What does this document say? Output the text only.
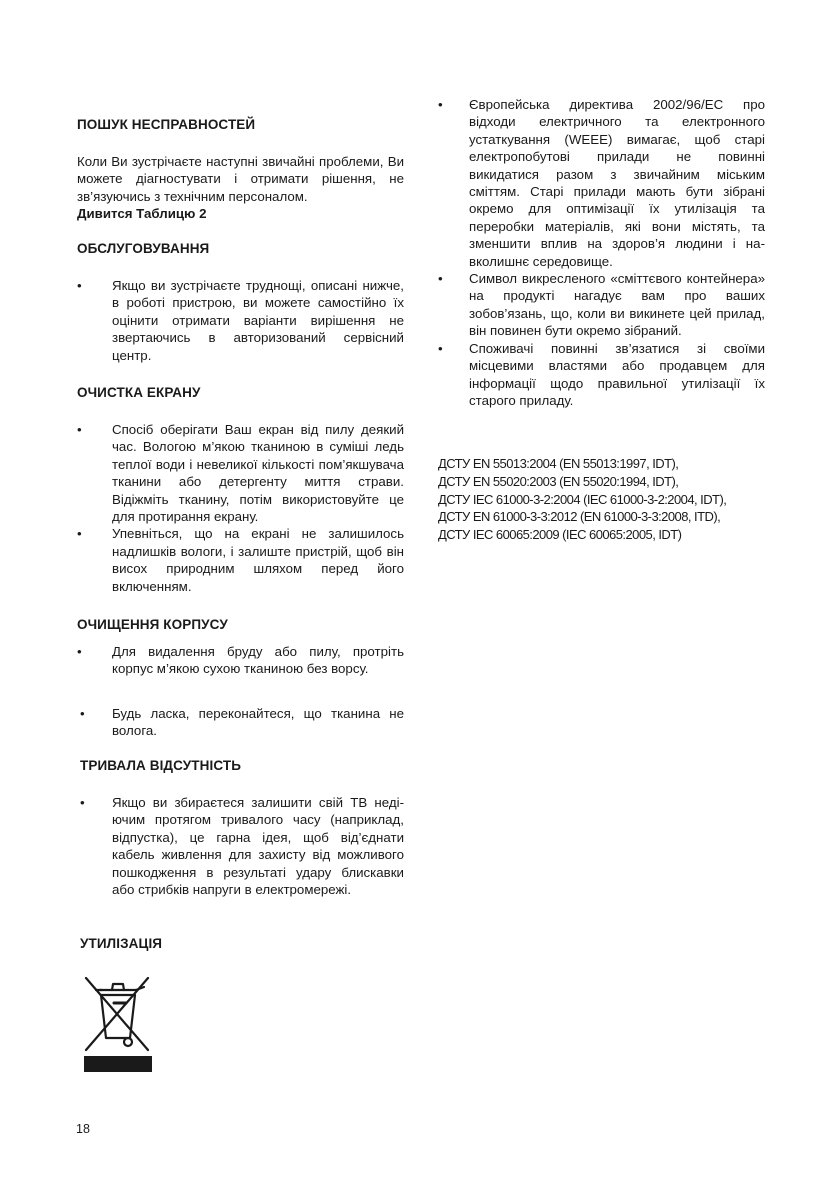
ПОШУК НЕСПРАВНОСТЕЙ

Коли Ви зустрічаєте наступні звичайні проблеми, Ви можете діагностувати і отримати рішення, не зв’язуючись з технічним персоналом.
Дивится Таблицю 2

ОБСЛУГОВУВАННЯ
• Якщо ви зустрічаєте труднощі, описані нижче, в роботі пристрою, ви можете самостійно їх оцінити отримати варіанти вирішення не звертаючись в авторизований сервісний центр.
ОЧИСТКА ЕКРАНУ
• Спосіб оберігати Ваш екран від пилу деякий час. Вологою м’якою тканиною в суміші ледь теплої води і невеликої кількості пом’якшувача тканини або детергенту миття страви. Відіжміть тканину, потім використовуйте це для протирання екрану.
• Упевніться, що на екрані не залишилось надлишків вологи, і залиште пристрій, щоб він висох природним шляхом перед його включенням.
ОЧИЩЕННЯ КОРПУСУ
• Для видалення бруду або пилу, протріть корпус м’якою сухою тканиною без ворсу.
• Будь ласка, переконайтеся, що тканина не волога.
ТРИВАЛА ВІДСУТНІСТЬ
• Якщо ви збираєтеся залишити свій ТВ недіючим протягом тривалого часу (наприклад, відпустка), це гарна ідея, щоб від’єднати кабель живлення для захисту від можливого пошкодження в результаті удару блискавки або стрибків напруги в електромережі.
УТИЛІЗАЦІЯ
• Європейська директива 2002/96/ЕС про відходи електричного та електронного устаткування (WEEE) вимагає, щоб старі електропобутові прилади не повинні викидатися разом з звичайним міським сміттям. Старі прилади мають бути зібрані окремо для оптимізації їх утилізація та переробки матеріалів, які вони містять, та зменшити вплив на здоров’я людини і навколишнє середовище.
• Символ викресленого «сміттєвого контейнера» на продукті нагадує вам про ваших зобов’язань, що, коли ви викинете цей прилад, він повинен бути окремо зібраний.
• Споживачі повинні зв’язатися зі своїми місцевими властями або продавцем для інформації щодо правильної утилізації їх старого приладу.
ДСТУ EN 55013:2004 (EN 55013:1997, IDT),
ДСТУ EN 55020:2003 (EN 55020:1994, IDT),
ДСТУ IEC 61000-3-2:2004 (IEC 61000-3-2:2004, IDT),
ДСТУ EN 61000-3-3:2012 (EN 61000-3-3:2008, ITD),
ДСТУ IEC 60065:2009 (IEC 60065:2005, IDT)
18
